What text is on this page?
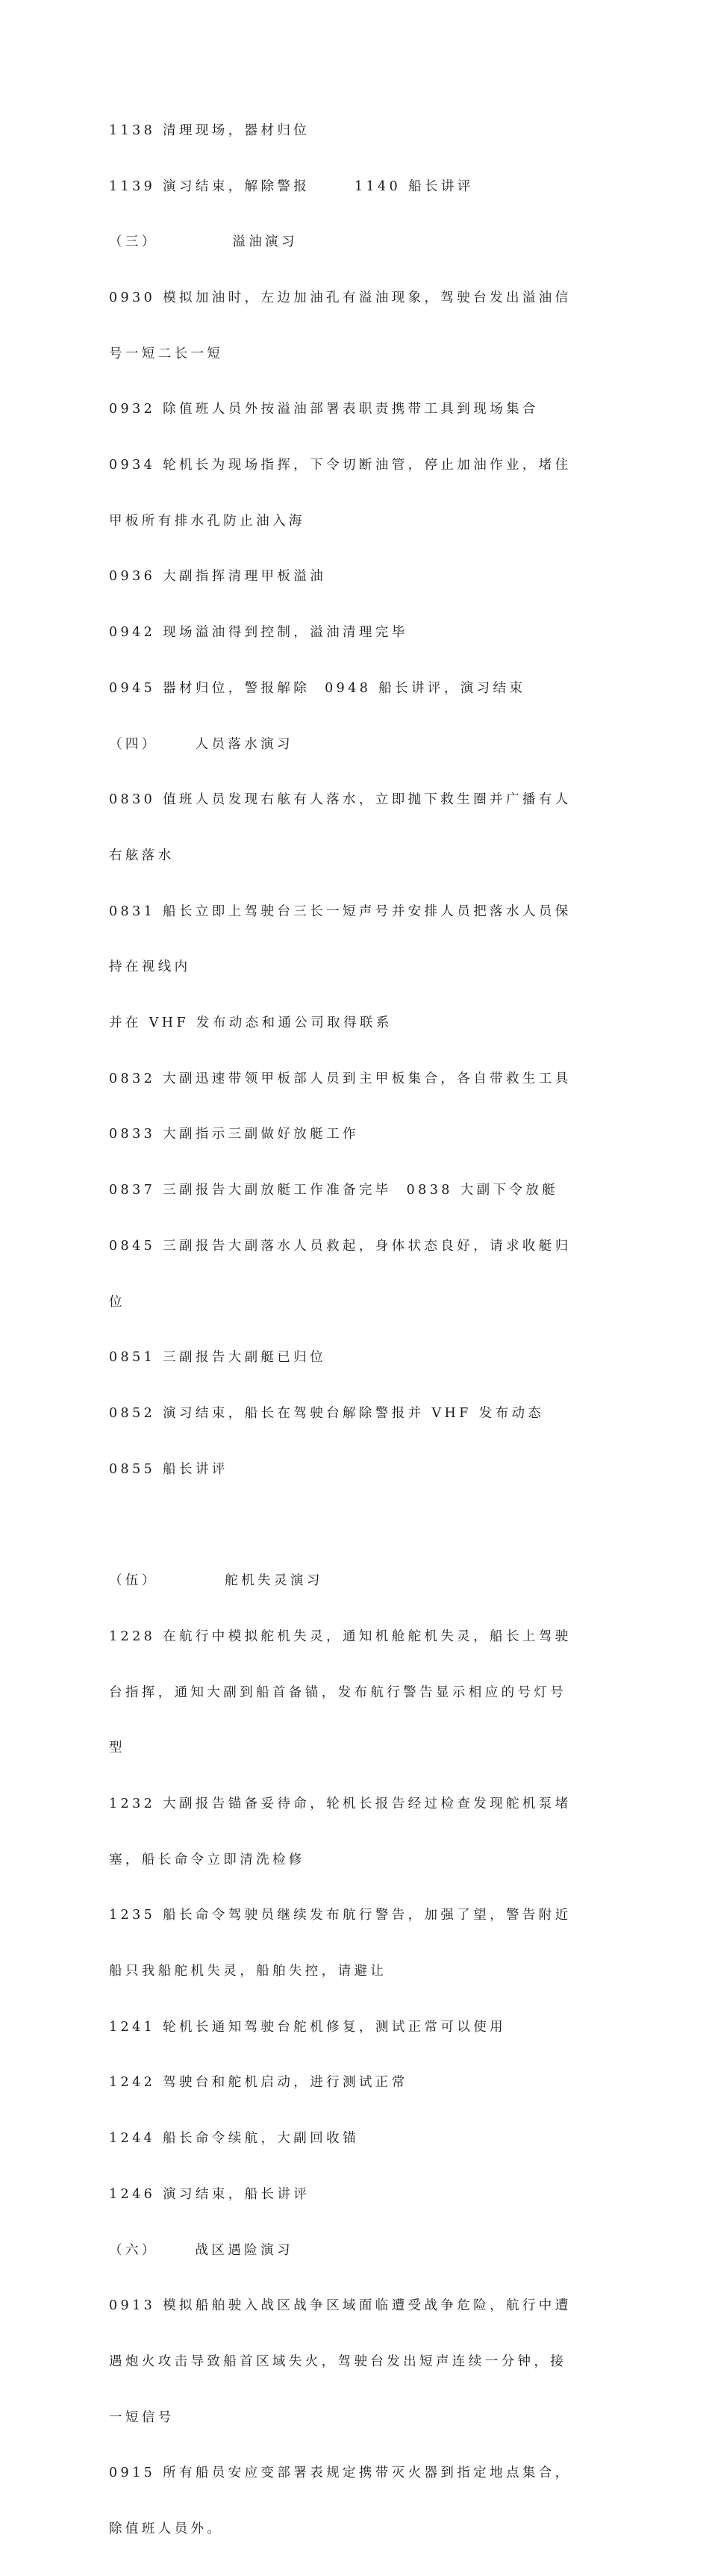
1138 清理现场，器材归位

1139 演习结束，解除警报      1140 船长讲评

（三）          溢油演习

0930 模拟加油时，左边加油孔有溢油现象，驾驶台发出溢油信

号一短二长一短

0932 除值班人员外按溢油部署表职责携带工具到现场集合

0934 轮机长为现场指挥，下令切断油管，停止加油作业，堵住

甲板所有排水孔防止油入海

0936 大副指挥清理甲板溢油

0942 现场溢油得到控制，溢油清理完毕

0945 器材归位，警报解除  0948 船长讲评，演习结束

（四）     人员落水演习

0830 值班人员发现右舷有人落水，立即抛下救生圈并广播有人

右舷落水

0831 船长立即上驾驶台三长一短声号并安排人员把落水人员保

持在视线内

并在 VHF 发布动态和通公司取得联系

0832 大副迅速带领甲板部人员到主甲板集合，各自带救生工具

0833 大副指示三副做好放艇工作

0837 三副报告大副放艇工作准备完毕  0838 大副下令放艇

0845 三副报告大副落水人员救起，身体状态良好，请求收艇归

位

0851 三副报告大副艇已归位

0852 演习结束，船长在驾驶台解除警报并 VHF 发布动态

0855 船长讲评

（伍）         舵机失灵演习

1228 在航行中模拟舵机失灵，通知机舱舵机失灵，船长上驾驶

台指挥，通知大副到船首备锚，发布航行警告显示相应的号灯号

型

1232 大副报告锚备妥待命，轮机长报告经过检查发现舵机泵堵

塞，船长命令立即清洗检修

1235 船长命令驾驶员继续发布航行警告，加强了望，警告附近

船只我船舵机失灵，船舶失控，请避让

1241 轮机长通知驾驶台舵机修复，测试正常可以使用

1242 驾驶台和舵机启动，进行测试正常

1244 船长命令续航，大副回收锚

1246 演习结束，船长讲评

（六）     战区遇险演习

0913 模拟船舶驶入战区战争区域面临遭受战争危险，航行中遭

遇炮火攻击导致船首区域失火，驾驶台发出短声连续一分钟，接

一短信号

0915 所有船员安应变部署表规定携带灭火器到指定地点集合，

除值班人员外。
